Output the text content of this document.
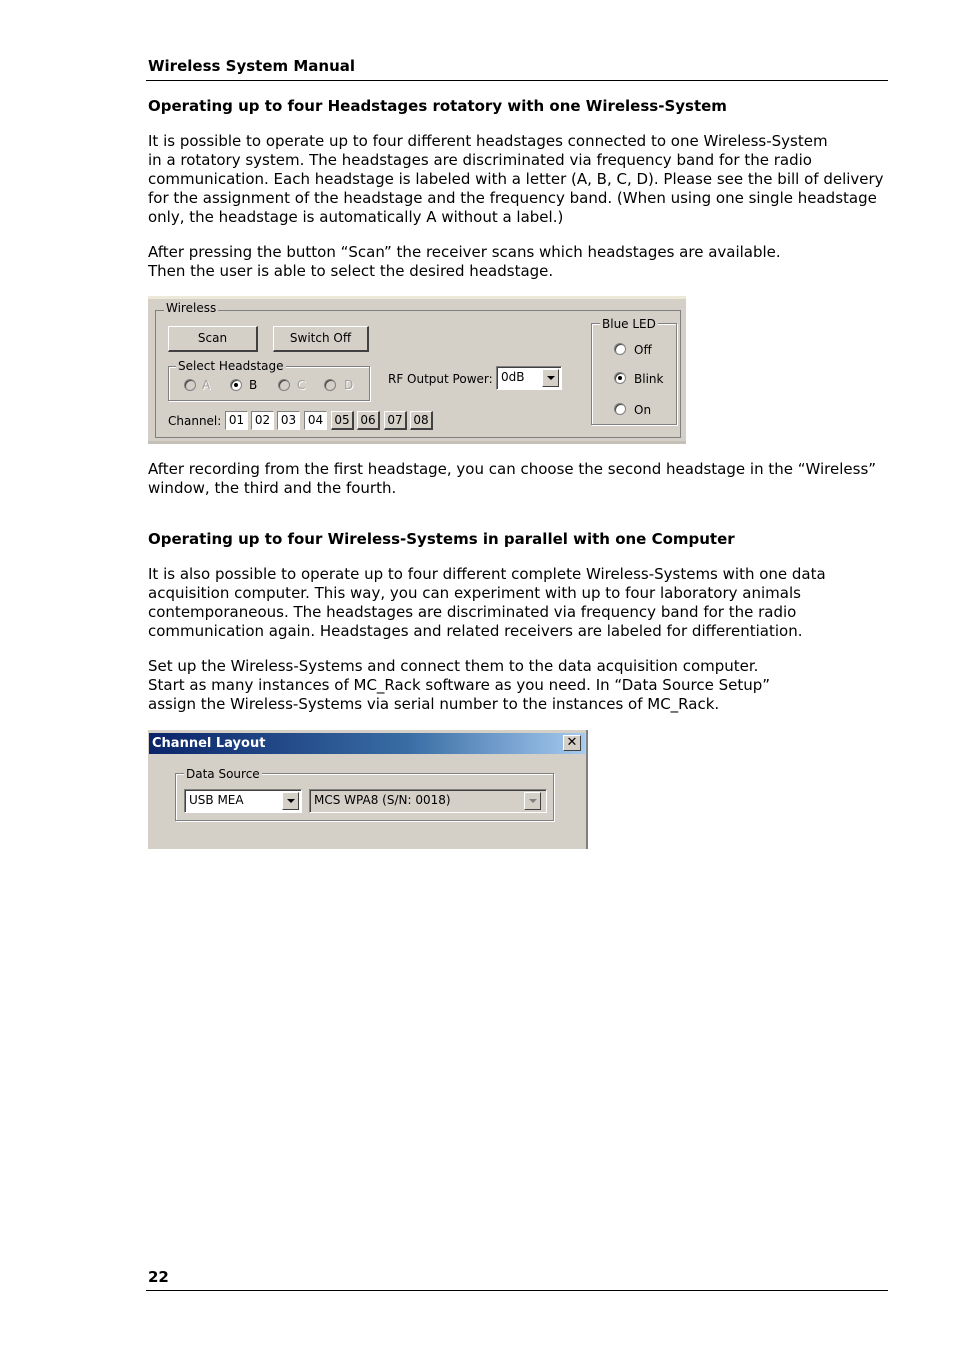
Wireless System Manual
Operating up to four Headstages rotatory with one Wireless-System
It is possible to operate up to four different headstages connected to one Wireless-System
in a rotatory system. The headstages are discriminated via frequency band for the radio
communication. Each headstage is labeled with a letter (A, B, C, D). Please see the bill of delivery
for the assignment of the headstage and the frequency band. (When using one single headstage
only, the headstage is automatically A without a label.)
After pressing the button “Scan” the receiver scans which headstages are available.
Then the user is able to select the desired headstage.
Wireless
Scan	Switch Off
Select Headstage
A	B	C	D	RF Output Power: 0dB
Blue LED
Off
Blink
On
Channel: 01 02 03 04 05 06 07 08
After recording from the first headstage, you can choose the second headstage in the “Wireless”
window, the third and the fourth.
Operating up to four Wireless-Systems in parallel with one Computer
It is also possible to operate up to four different complete Wireless-Systems with one data
acquisition computer. This way, you can experiment with up to four laboratory animals
contemporaneous. The headstages are discriminated via frequency band for the radio
communication again. Headstages and related receivers are labeled for differentiation.
Set up the Wireless-Systems and connect them to the data acquisition computer.
Start as many instances of MC_Rack software as you need. In “Data Source Setup”
assign the Wireless-Systems via serial number to the instances of MC_Rack.
Channel Layout	✕
Data Source
USB MEA	MCS WPA8 (S/N: 0018)
22
